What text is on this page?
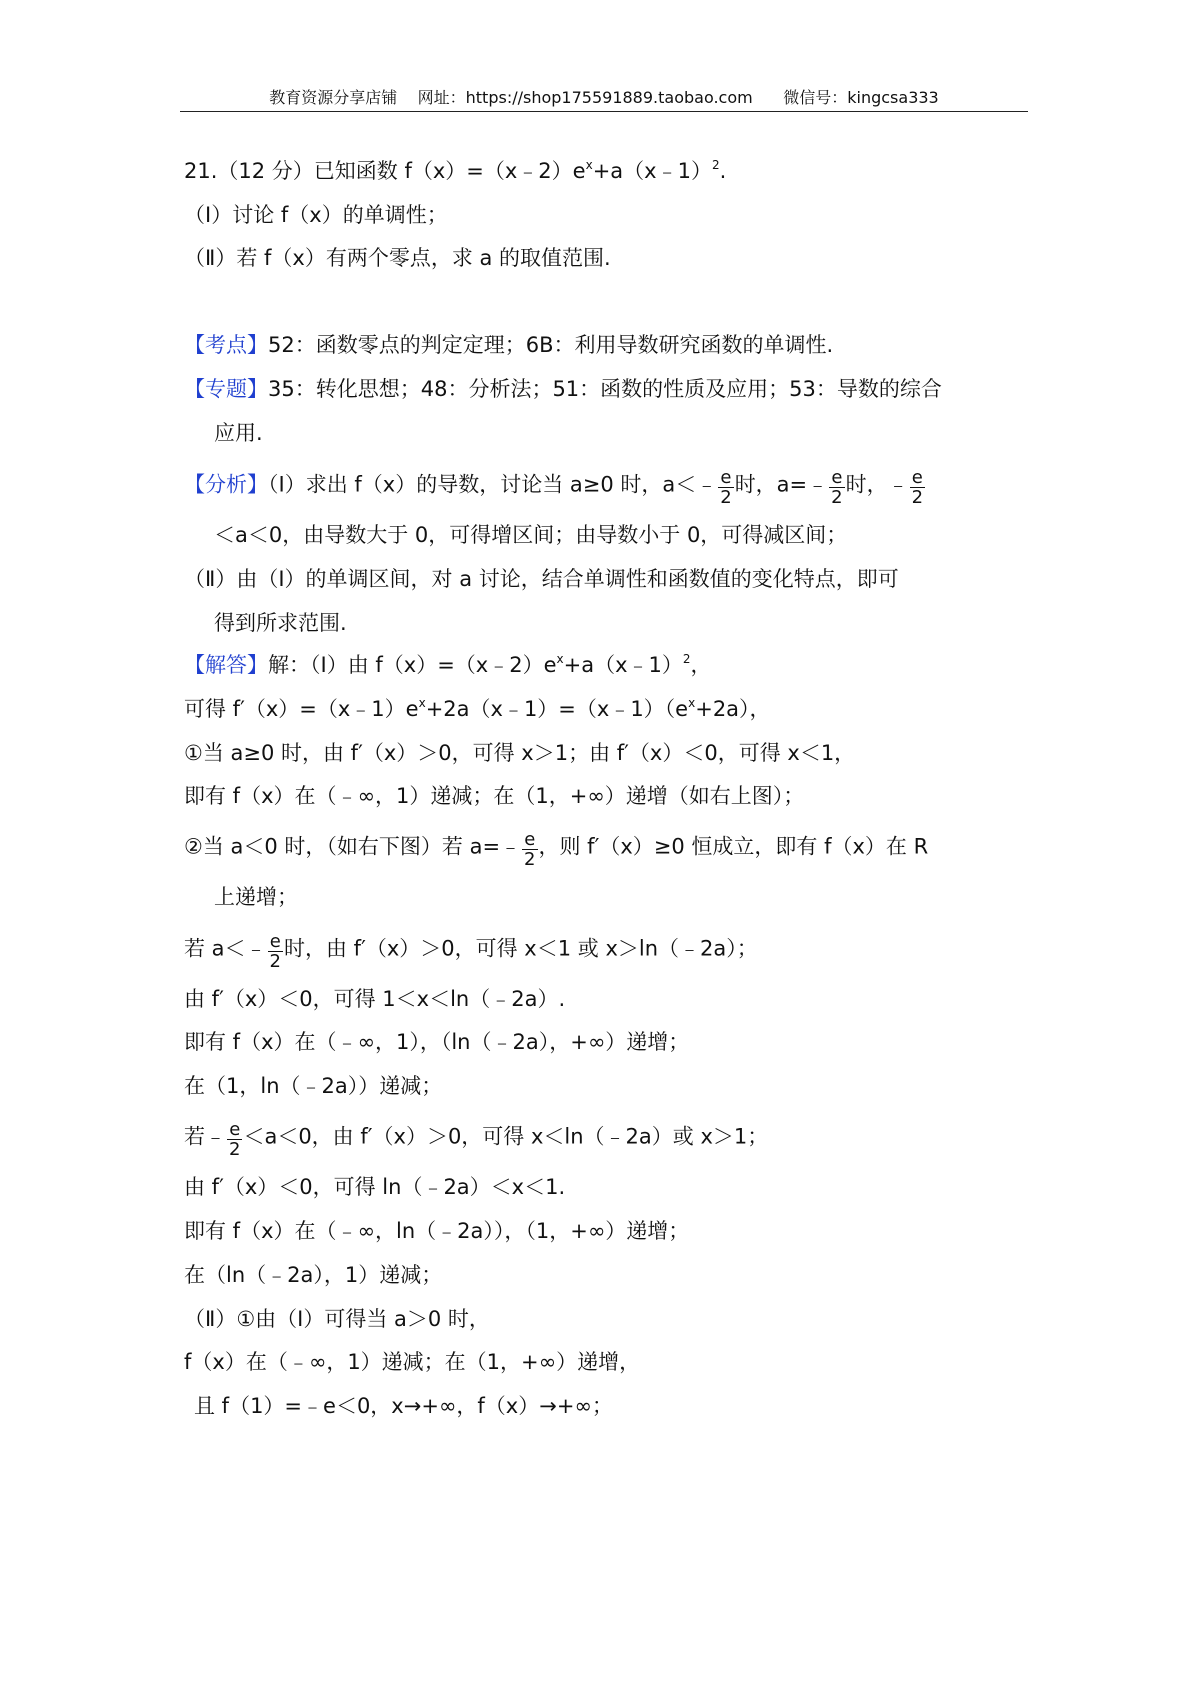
教育资源分享店铺 网址：https://shop175591889.taobao.com 微信号：kingcsa333
21.（12 分）已知函数 $f(x)=(x﹣2)e^x+a(x﹣1)^2$.
（Ⅰ）讨论 f（x）的单调性；
（Ⅱ）若 f（x）有两个零点，求 a 的取值范围.
【考点】52：函数零点的判定定理；6B：利用导数研究函数的单调性.
【专题】35：转化思想；48：分析法；51：函数的性质及应用；53：导数的综合
应用.
【分析】（Ⅰ）求出 f（x）的导数，讨论当 a≥0 时，a＜﹣ $\frac{e}{2}$ 时，a=﹣ $\frac{e}{2}$ 时，﹣ $\frac{e}{2}$
＜a＜0，由导数大于 0，可得增区间；由导数小于 0，可得减区间；
（Ⅱ）由（Ⅰ）的单调区间，对 a 讨论，结合单调性和函数值的变化特点，即可
得到所求范围.
【解答】解：（Ⅰ）由 $f(x)=(x﹣2)e^x+a(x﹣1)^2$，
可得 $f'(x)=(x﹣1)e^x+2a(x﹣1)=(x﹣1)(e^x+2a)$，
①当 a≥0 时，由 f′（x）＞0，可得 x＞1；由 f′（x）＜0，可得 x＜1，
即有 f（x）在（﹣∞，1）递减；在（1，+∞）递增（如右上图）；
②当 a＜0 时，（如右下图）若 a=﹣ $\frac{e}{2}$ ，则 f′（x）≥0 恒成立，即有 f（x）在 R
上递增；
若 a＜﹣ $\frac{e}{2}$ 时，由 f′（x）＞0，可得 x＜1 或 x＞ln（﹣2a）；
由 f′（x）＜0，可得 1＜x＜ln（﹣2a）.
即有 f（x）在（﹣∞，1），（ln（﹣2a），+∞）递增；
在（1，ln（﹣2a））递减；
若﹣ $\frac{e}{2} <a<0$，由 f′（x）＞0，可得 x＜ln（﹣2a）或 x＞1；
由 f′（x）＜0，可得 ln（﹣2a）＜x＜1.
即有 f（x）在（﹣∞，ln（﹣2a）），（1，+∞）递增；
在（ln（﹣2a），1）递减；
（Ⅱ）①由（Ⅰ）可得当 a＞0 时，
f（x）在（﹣∞，1）递减；在（1，+∞）递增，
且 f（1）=﹣e＜0，x→+∞，f（x）→+∞；
